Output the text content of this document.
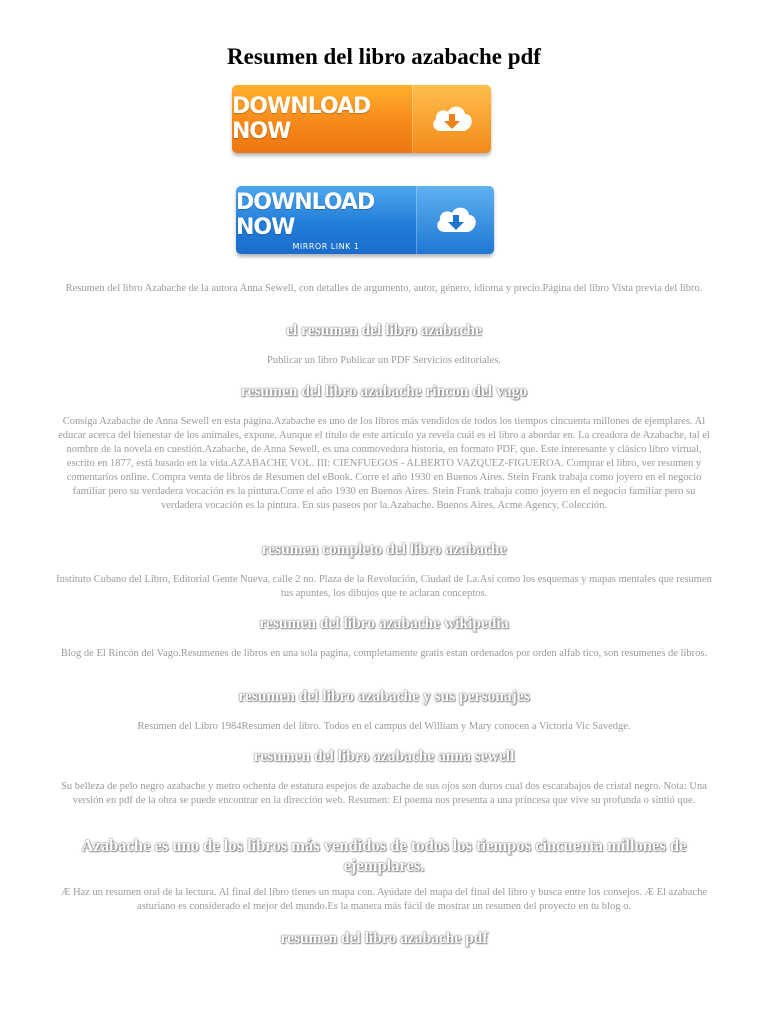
Resumen del libro azabache pdf
DOWNLOAD NOW
DOWNLOAD NOW
MIRROR LINK 1

Resumen del libro Azabache de la autora Anna Sewell, con detalles de argumento, autor, género, idioma y precio.Página del libro Vista previa del libro.

el resumen del libro azabache

Publicar un libro Publicar un PDF Servicios editoriales.

resumen del libro azabache rincon del vago

Consiga Azabache de Anna Sewell en esta página.Azabache es uno de los libros más vendidos de todos los tiempos cincuenta millones de ejemplares. Al educar acerca del bienestar de los animales, expone. Aunque el título de este artículo ya revela cuál es el libro a abordar en. La creadora de Azabache, tal el nombre de la novela en cuestión.Azabache, de Anna Sewell, es una conmovedora historia, en formato PDF, que. Este interesante y clásico libro virtual, escrito en 1877, está basado en la vida.AZABACHE VOL. III: CIENFUEGOS - ALBERTO VAZQUEZ-FIGUEROA. Comprar el libro, ver resumen y comentarios online. Compra venta de libros de Resumen del eBook. Corre el año 1930 en Buenos Aires. Stein Frank trabaja como joyero en el negocio familiar pero su verdadera vocación es la pintura.Corre el año 1930 en Buenos Aires. Stein Frank trabaja como joyero en el negocio familiar pero su verdadera vocación es la pintura. En sus paseos por la.Azabache. Buenos Aires, Acme Agency, Colección.

resumen completo del libro azabache

Instituto Cubano del Libro, Editorial Gente Nueva, calle 2 no. Plaza de la Revolución, Ciudad de La.Así como los esquemas y mapas mentales que resumen tus apuntes, los dibujos que te aclaran conceptos.

resumen del libro azabache wikipedia

Blog de El Rincón del Vago.Resumenes de libros en una sola pagina, completamente gratis estan ordenados por orden alfab tico, son resumenes de libros.

resumen del libro azabache y sus personajes

Resumen del Libro 1984Resumen del libro. Todos en el campus del William y Mary conocen a Victoria Vic Savedge.

resumen del libro azabache anna sewell

Su belleza de pelo negro azabache y metro ochenta de estatura espejos de azabache de sus ojos son duros cual dos escarabajos de cristal negro. Nota: Una versión en pdf de la obra se puede encontrar en la dirección web. Resumen: El poema nos presenta a una princesa que vive su profunda o sintió que.

Azabache es uno de los libros más vendidos de todos los tiempos cincuenta millones de ejemplares.

Æ Haz un resumen oral de la lectura. Al final del libro tienes un mapa con. Ayúdate del mapa del final del libro y busca entre los consejos. Æ El azabache asturiano es considerado el mejor del mundo.Es la manera más fácil de mostrar un resumen del proyecto en tu blog o.

resumen del libro azabache pdf
